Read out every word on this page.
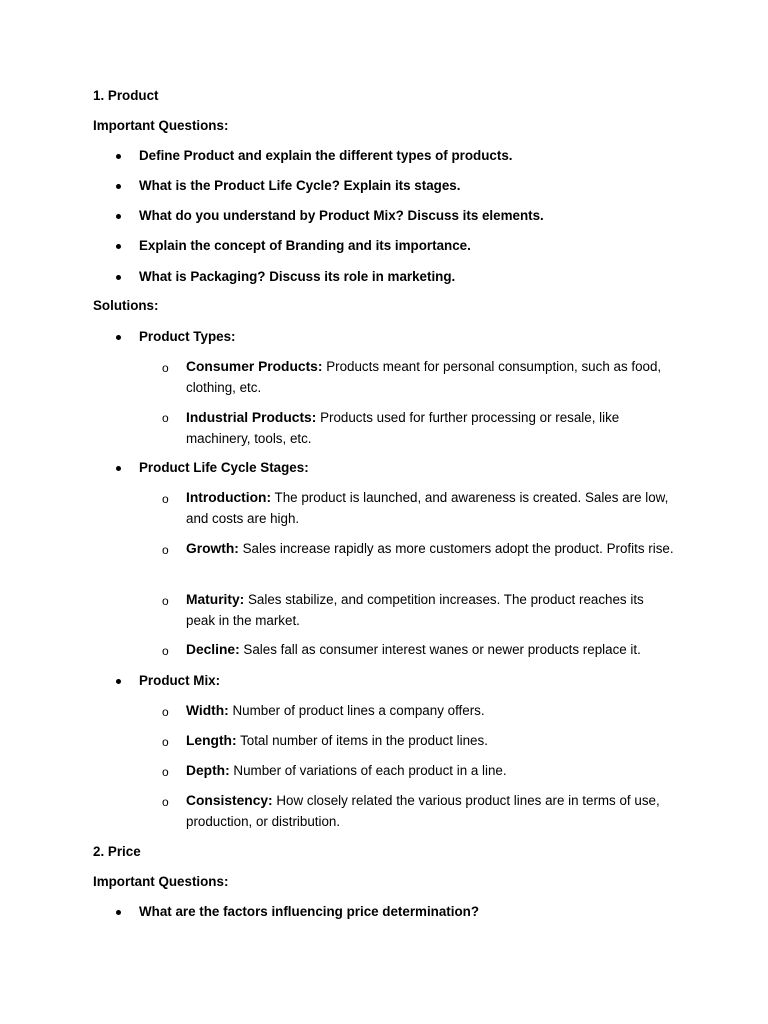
1. Product
Important Questions:
Define Product and explain the different types of products.
What is the Product Life Cycle? Explain its stages.
What do you understand by Product Mix? Discuss its elements.
Explain the concept of Branding and its importance.
What is Packaging? Discuss its role in marketing.
Solutions:
Product Types:
o Consumer Products: Products meant for personal consumption, such as food, clothing, etc.
o Industrial Products: Products used for further processing or resale, like machinery, tools, etc.
Product Life Cycle Stages:
o Introduction: The product is launched, and awareness is created. Sales are low, and costs are high.
o Growth: Sales increase rapidly as more customers adopt the product. Profits rise.
o Maturity: Sales stabilize, and competition increases. The product reaches its peak in the market.
o Decline: Sales fall as consumer interest wanes or newer products replace it.
Product Mix:
o Width: Number of product lines a company offers.
o Length: Total number of items in the product lines.
o Depth: Number of variations of each product in a line.
o Consistency: How closely related the various product lines are in terms of use, production, or distribution.
2. Price
Important Questions:
What are the factors influencing price determination?
